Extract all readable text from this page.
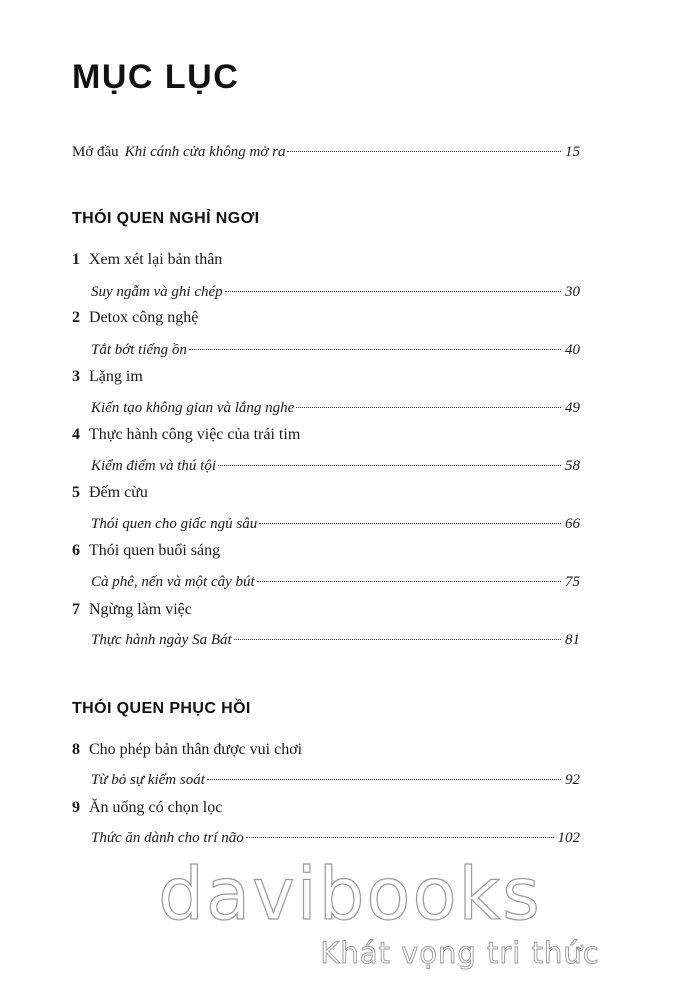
MỤC LỤC
Mở đầu Khi cánh cửa không mở ra	15
THÓI QUEN NGHỈ NGƠI
1 Xem xét lại bản thân
Suy ngẫm và ghi chép	30
2 Detox công nghệ
Tắt bớt tiếng ồn	40
3 Lặng im
Kiến tạo không gian và lắng nghe	49
4 Thực hành công việc của trái tim
Kiểm điểm và thú tội	58
5 Đếm cừu
Thói quen cho giấc ngủ sâu	66
6 Thói quen buổi sáng
Cà phê, nến và một cây bút	75
7 Ngừng làm việc
Thực hành ngày Sa Bát	81
THÓI QUEN PHỤC HỒI
8 Cho phép bản thân được vui chơi
Từ bỏ sự kiểm soát	92
9 Ăn uống có chọn lọc
Thức ăn dành cho trí não	102
davibooks
Khát vọng tri thức
